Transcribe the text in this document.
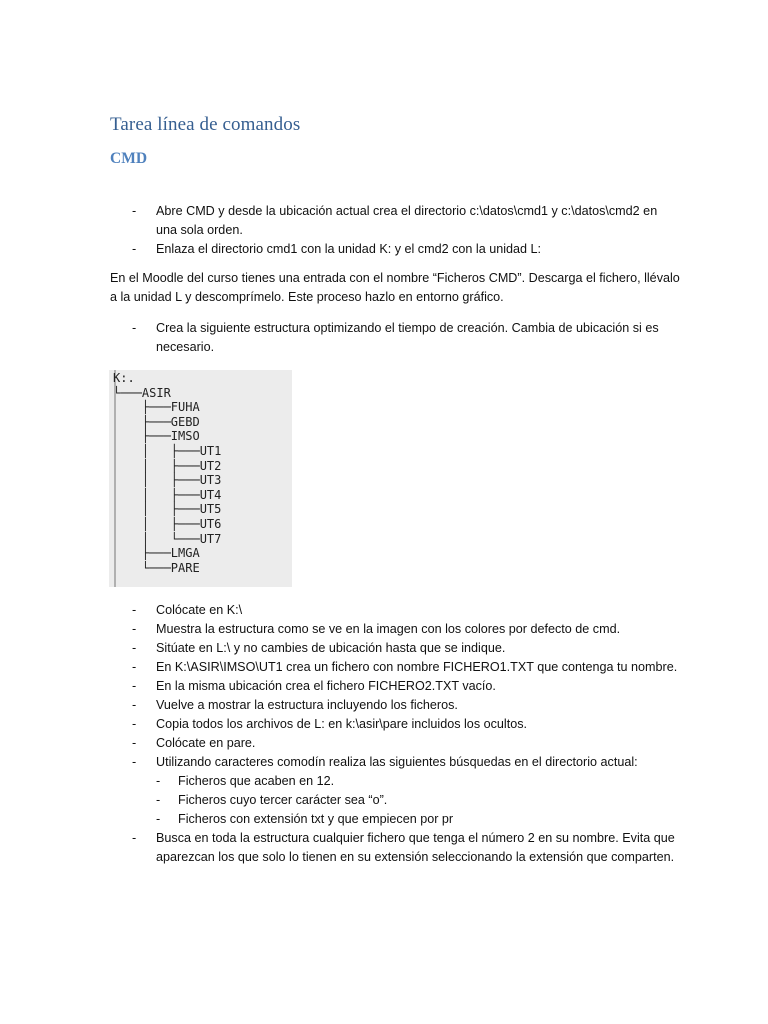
Tarea línea de comandos
CMD
- Abre CMD y desde la ubicación actual crea el directorio c:\datos\cmd1 y c:\datos\cmd2 en una sola orden.
- Enlaza el directorio cmd1 con la unidad K: y el cmd2 con la unidad L:

En el Moodle del curso tienes una entrada con el nombre “Ficheros CMD”. Descarga el fichero, llévalo a la unidad L y descomprímelo. Este proceso hazlo en entorno gráfico.

- Crea la siguiente estructura optimizando el tiempo de creación. Cambia de ubicación si es necesario.
K:.
└───ASIR
├───FUHA
├───GEBD
├───IMSO
│   ├───UT1
│   ├───UT2
│   ├───UT3
│   ├───UT4
│   ├───UT5
│   ├───UT6
│   └───UT7
├───LMGA
└───PARE
- Colócate en K:\
- Muestra la estructura como se ve en la imagen con los colores por defecto de cmd.
- Sitúate en L:\ y no cambies de ubicación hasta que se indique.
- En K:\ASIR\IMSO\UT1 crea un fichero con nombre FICHERO1.TXT que contenga tu nombre.
- En la misma ubicación crea el fichero FICHERO2.TXT vacío.
- Vuelve a mostrar la estructura incluyendo los ficheros.
- Copia todos los archivos de L: en k:\asir\pare incluidos los ocultos.
- Colócate en pare.
- Utilizando caracteres comodín realiza las siguientes búsquedas en el directorio actual:
- Ficheros que acaben en 12.
- Ficheros cuyo tercer carácter sea “o”.
- Ficheros con extensión txt y que empiecen por pr
- Busca en toda la estructura cualquier fichero que tenga el número 2 en su nombre. Evita que aparezcan los que solo lo tienen en su extensión seleccionando la extensión que comparten.
